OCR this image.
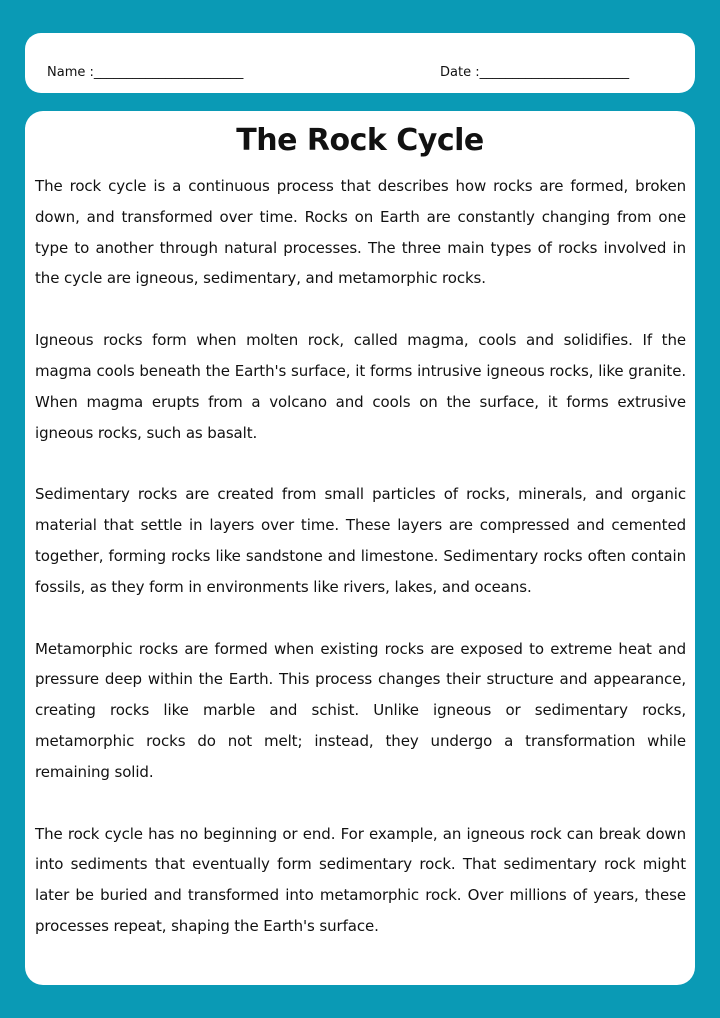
Name :_______________________	Date :_______________________
The Rock Cycle

The rock cycle is a continuous process that describes how rocks are formed, broken down, and transformed over time. Rocks on Earth are constantly changing from one type to another through natural processes. The three main types of rocks involved in the cycle are igneous, sedimentary, and metamorphic rocks.

Igneous rocks form when molten rock, called magma, cools and solidifies. If the magma cools beneath the Earth's surface, it forms intrusive igneous rocks, like granite. When magma erupts from a volcano and cools on the surface, it forms extrusive igneous rocks, such as basalt.

Sedimentary rocks are created from small particles of rocks, minerals, and organic material that settle in layers over time. These layers are compressed and cemented together, forming rocks like sandstone and limestone. Sedimentary rocks often contain fossils, as they form in environments like rivers, lakes, and oceans.

Metamorphic rocks are formed when existing rocks are exposed to extreme heat and pressure deep within the Earth. This process changes their structure and appearance, creating rocks like marble and schist. Unlike igneous or sedimentary rocks, metamorphic rocks do not melt; instead, they undergo a transformation while remaining solid.

The rock cycle has no beginning or end. For example, an igneous rock can break down into sediments that eventually form sedimentary rock. That sedimentary rock might later be buried and transformed into metamorphic rock. Over millions of years, these processes repeat, shaping the Earth's surface.
